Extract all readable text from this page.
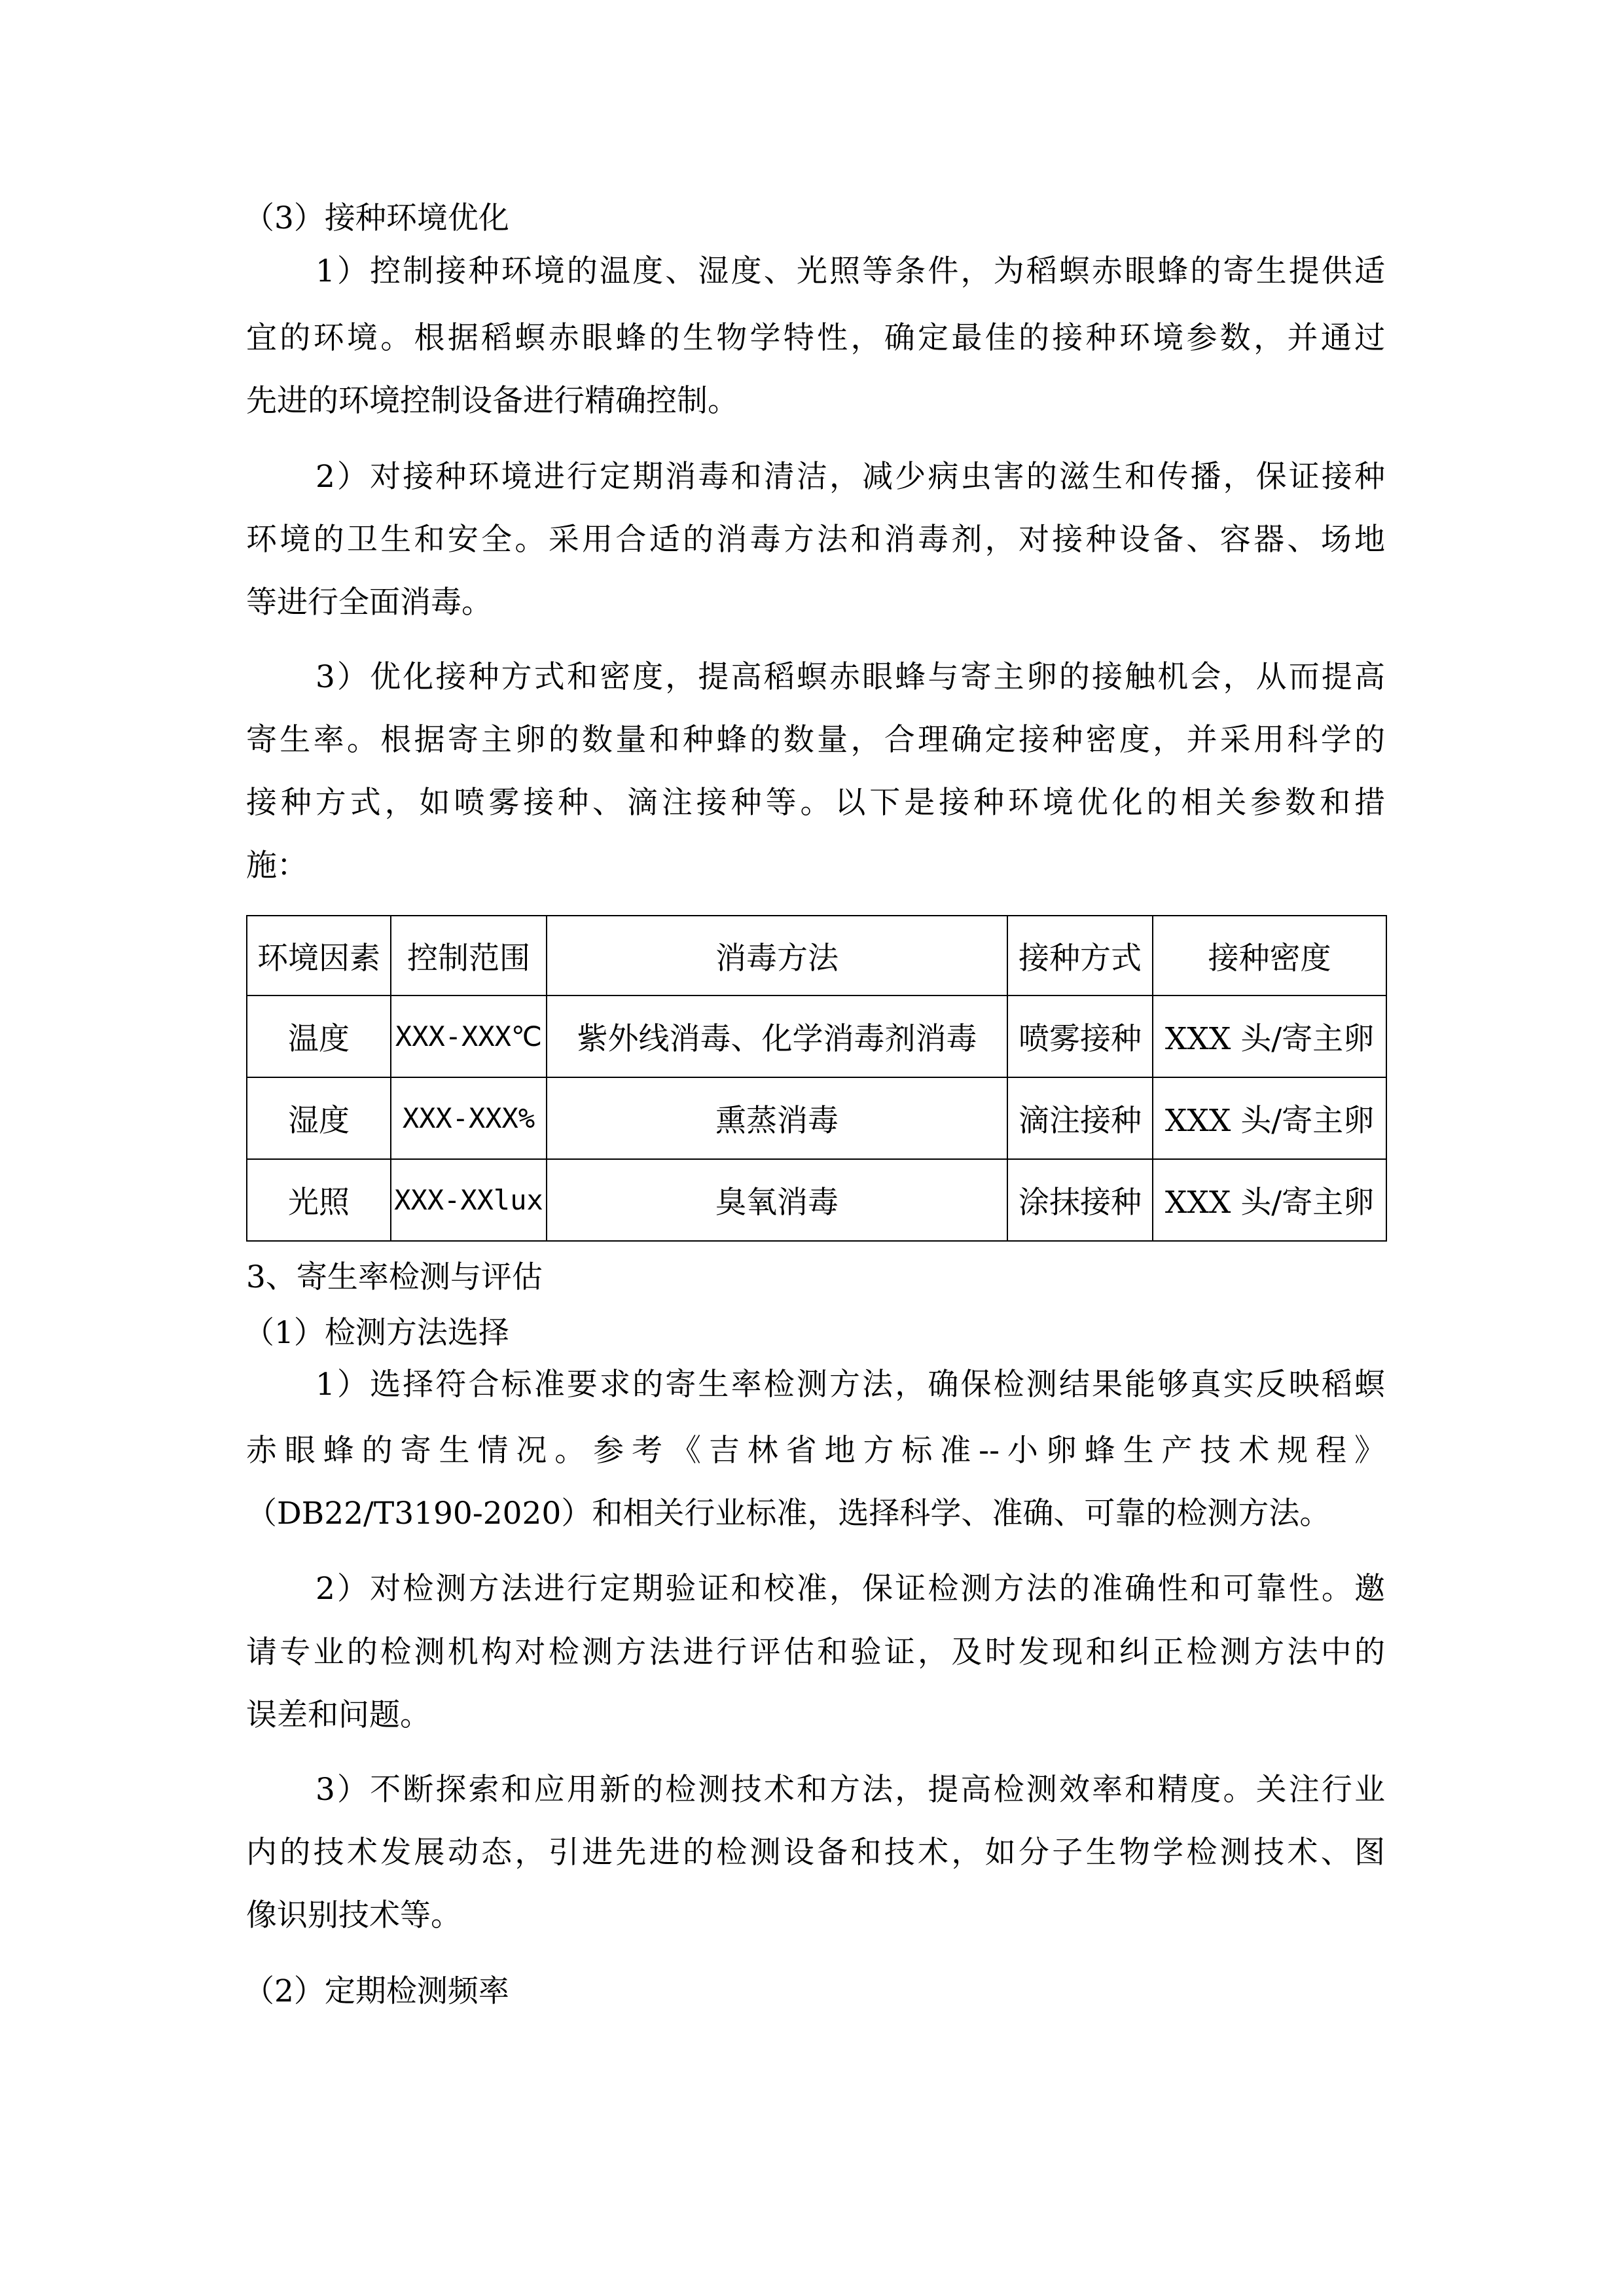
（3）接种环境优化
1）控制接种环境的温度、湿度、光照等条件，为稻螟赤眼蜂的寄生提供适
宜的环境。根据稻螟赤眼蜂的生物学特性，确定最佳的接种环境参数，并通过
先进的环境控制设备进行精确控制。
2）对接种环境进行定期消毒和清洁，减少病虫害的滋生和传播，保证接种
环境的卫生和安全。采用合适的消毒方法和消毒剂，对接种设备、容器、场地
等进行全面消毒。
3）优化接种方式和密度，提高稻螟赤眼蜂与寄主卵的接触机会，从而提高
寄生率。根据寄主卵的数量和种蜂的数量，合理确定接种密度，并采用科学的
接种方式，如喷雾接种、滴注接种等。以下是接种环境优化的相关参数和措
施：
环境因素	控制范围	消毒方法	接种方式	接种密度
温度	XXX-XXX℃	紫外线消毒、化学消毒剂消毒	喷雾接种	XXX 头/寄主卵
湿度	XXX-XXX%	熏蒸消毒	滴注接种	XXX 头/寄主卵
光照	XXX-XXlux	臭氧消毒	涂抹接种	XXX 头/寄主卵
3、寄生率检测与评估
（1）检测方法选择
1）选择符合标准要求的寄生率检测方法，确保检测结果能够真实反映稻螟
赤眼蜂的寄生情况。参考《吉林省地方标准--小卵蜂生产技术规程》
（DB22/T3190-2020）和相关行业标准，选择科学、准确、可靠的检测方法。
2）对检测方法进行定期验证和校准，保证检测方法的准确性和可靠性。邀
请专业的检测机构对检测方法进行评估和验证，及时发现和纠正检测方法中的
误差和问题。
3）不断探索和应用新的检测技术和方法，提高检测效率和精度。关注行业
内的技术发展动态，引进先进的检测设备和技术，如分子生物学检测技术、图
像识别技术等。
（2）定期检测频率
